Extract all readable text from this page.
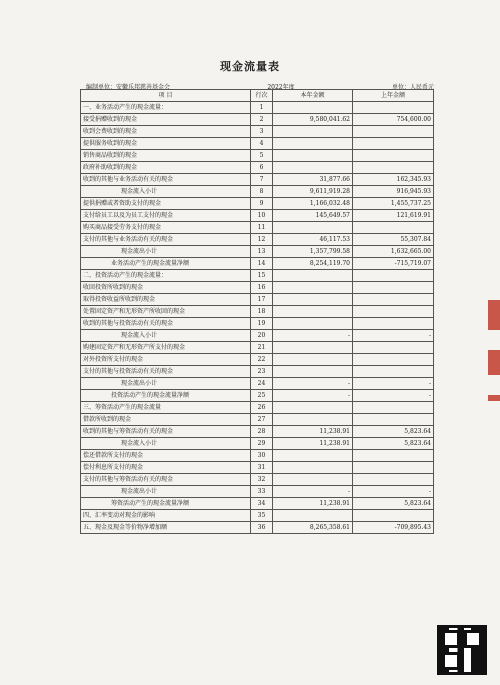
现金流量表
编制单位：安徽乐邦慈善基金会	2022年度	单位：人民币元
项 目	行次	本年金额	上年金额
一、业务活动产生的现金流量：	1		
接受捐赠收到的现金	2	9,580,041.62	754,600.00
收到会费收到的现金	3		
提供服务收到的现金	4		
销售商品收到的现金	5		
政府补助收到的现金	6		
收到的其他与业务活动有关的现金	7	31,877.66	162,345.93
现金流入小计	8	9,611,919.28	916,945.93
提供捐赠或者资助支付的现金	9	1,166,032.48	1,455,737.25
支付给员工以及为员工支付的现金	10	145,649.57	121,619.91
购买商品接受劳务支付的现金	11		
支付的其他与业务活动有关的现金	12	46,117.53	55,307.84
现金流出小计	13	1,357,799.58	1,632,665.00
业务活动产生的现金流量净额	14	8,254,119.70	-715,719.07
二、投资活动产生的现金流量：	15		
收回投资所收到的现金	16		
取得投资收益所收到的现金	17		
处置固定资产和无形资产所收回的现金	18		
收到的其他与投资活动有关的现金	19		
现金流入小计	20	-	-
购建固定资产和无形资产所支付的现金	21		
对外投资所支付的现金	22		
支付的其他与投资活动有关的现金	23		
现金流出小计	24	-	-
投资活动产生的现金流量净额	25	-	-
三、筹资活动产生的现金流量	26		
借款所收到的现金	27		
收到的其他与筹资活动有关的现金	28	11,238.91	5,823.64
现金流入小计	29	11,238.91	5,823.64
偿还借款所支付的现金	30		
偿付利息所支付的现金	31		
支付的其他与筹资活动有关的现金	32		
现金流出小计	33	-	-
筹资活动产生的现金流量净额	34	11,238.91	5,823.64
四、汇率变动对现金的影响	35		
五、现金及现金等价物净增加额	36	8,265,358.61	-709,895.43
